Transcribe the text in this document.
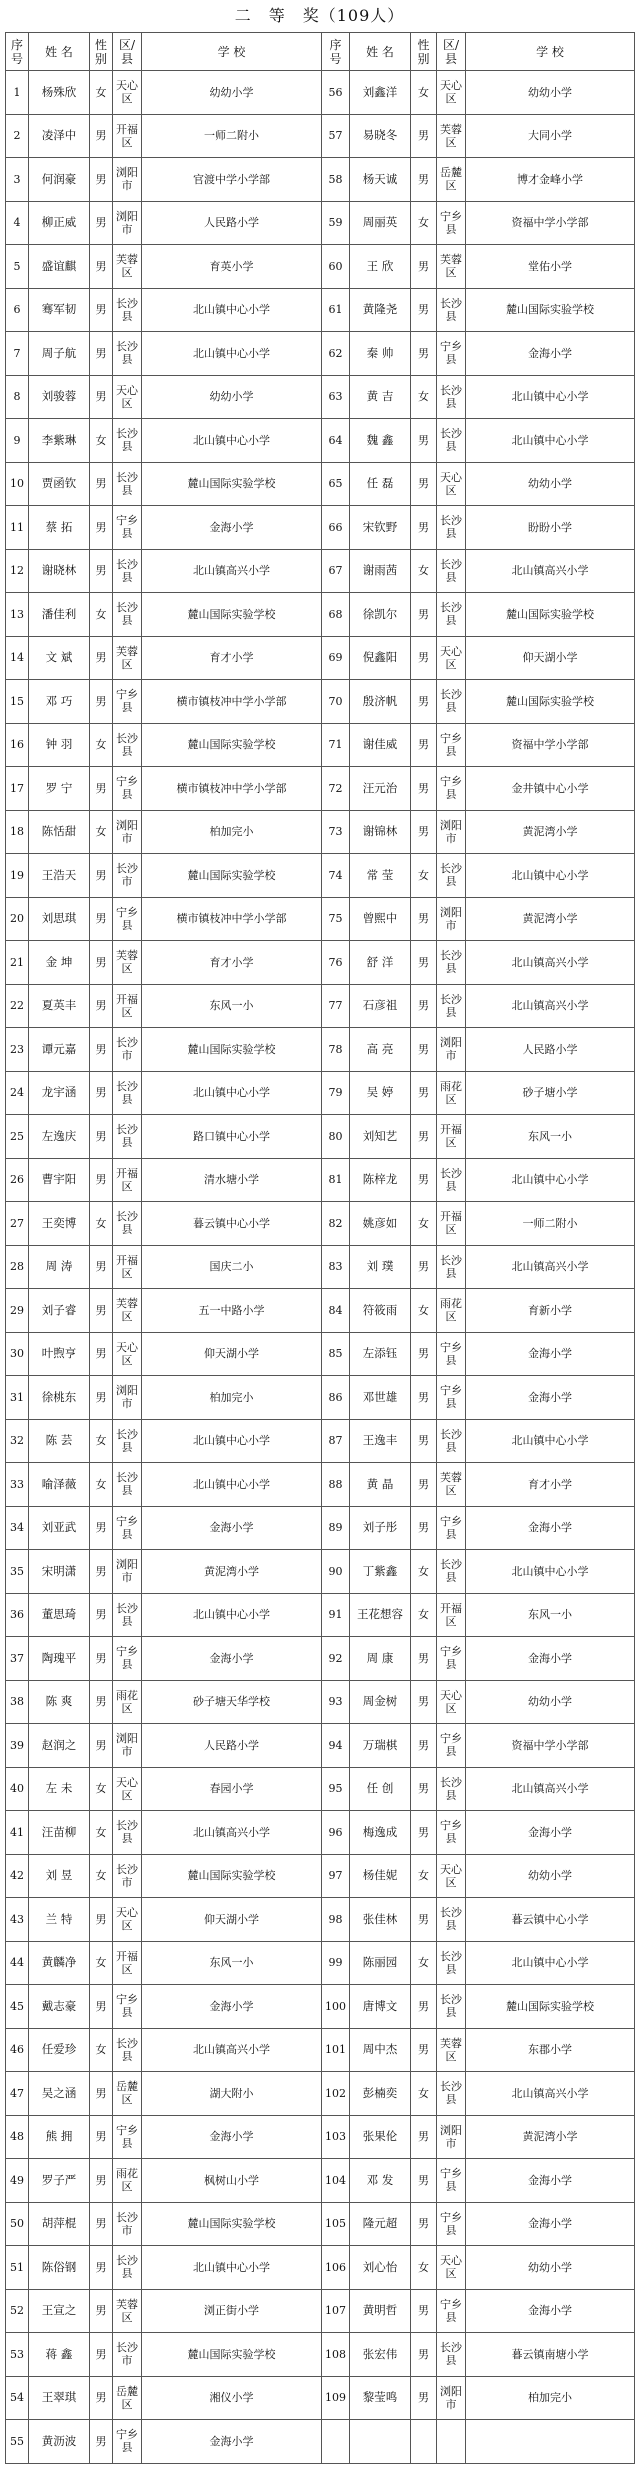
二　等　奖（109人）
序号	姓 名	性别	区/县	学 校	序号	姓 名	性别	区/县	学 校
1	杨殊欣	女	天心区	幼幼小学	56	刘鑫洋	女	天心区	幼幼小学
2	凌泽中	男	开福区	一师二附小	57	易晓冬	男	芙蓉区	大同小学
3	何润豪	男	浏阳市	官渡中学小学部	58	杨天诚	男	岳麓区	博才金峰小学
4	柳正威	男	浏阳市	人民路小学	59	周丽英	女	宁乡县	资福中学小学部
5	盛谊麒	男	芙蓉区	育英小学	60	王 欣	男	芙蓉区	堂佑小学
6	骞军韧	男	长沙县	北山镇中心小学	61	黄隆尧	男	长沙县	麓山国际实验学校
7	周子航	男	长沙县	北山镇中心小学	62	秦 帅	男	宁乡县	金海小学
8	刘骏蓉	男	天心区	幼幼小学	63	黄 吉	女	长沙县	北山镇中心小学
9	李紫琳	女	长沙县	北山镇中心小学	64	魏 鑫	男	长沙县	北山镇中心小学
10	贾函钦	男	长沙县	麓山国际实验学校	65	任 磊	男	天心区	幼幼小学
11	蔡 拓	男	宁乡县	金海小学	66	宋钦野	男	长沙县	盼盼小学
12	谢晓林	男	长沙县	北山镇高兴小学	67	谢雨茜	女	长沙县	北山镇高兴小学
13	潘佳利	女	长沙县	麓山国际实验学校	68	徐凯尔	男	长沙县	麓山国际实验学校
14	文 斌	男	芙蓉区	育才小学	69	倪鑫阳	男	天心区	仰天湖小学
15	邓 巧	男	宁乡县	横市镇枝冲中学小学部	70	殷济帆	男	长沙县	麓山国际实验学校
16	钟 羽	女	长沙县	麓山国际实验学校	71	谢佳威	男	宁乡县	资福中学小学部
17	罗 宁	男	宁乡县	横市镇枝冲中学小学部	72	汪元治	男	宁乡县	金井镇中心小学
18	陈恬甜	女	浏阳市	柏加完小	73	谢锦林	男	浏阳市	黄泥湾小学
19	王浩天	男	长沙市	麓山国际实验学校	74	常 莹	女	长沙县	北山镇中心小学
20	刘思琪	男	宁乡县	横市镇枝冲中学小学部	75	曾熙中	男	浏阳市	黄泥湾小学
21	金 坤	男	芙蓉区	育才小学	76	舒 洋	男	长沙县	北山镇高兴小学
22	夏英丰	男	开福区	东风一小	77	石彦祖	男	长沙县	北山镇高兴小学
23	谭元嘉	男	长沙市	麓山国际实验学校	78	高 亮	男	浏阳市	人民路小学
24	龙宇涵	男	长沙县	北山镇中心小学	79	吴 婷	男	雨花区	砂子塘小学
25	左逸庆	男	长沙县	路口镇中心小学	80	刘知艺	男	开福区	东风一小
26	曹宇阳	男	开福区	清水塘小学	81	陈梓龙	男	长沙县	北山镇中心小学
27	王奕博	女	长沙县	暮云镇中心小学	82	姚彦如	女	开福区	一师二附小
28	周 涛	男	开福区	国庆二小	83	刘 璞	男	长沙县	北山镇高兴小学
29	刘子睿	男	芙蓉区	五一中路小学	84	符筱雨	女	雨花区	育新小学
30	叶煦亨	男	天心区	仰天湖小学	85	左添钰	男	宁乡县	金海小学
31	徐桃东	男	浏阳市	柏加完小	86	邓世雄	男	宁乡县	金海小学
32	陈 芸	女	长沙县	北山镇中心小学	87	王逸丰	男	长沙县	北山镇中心小学
33	喻泽薇	女	长沙县	北山镇中心小学	88	黄 晶	男	芙蓉区	育才小学
34	刘亚武	男	宁乡县	金海小学	89	刘子彤	男	宁乡县	金海小学
35	宋明潇	男	浏阳市	黄泥湾小学	90	丁紫鑫	女	长沙县	北山镇中心小学
36	董思琦	男	长沙县	北山镇中心小学	91	王花想容	女	开福区	东风一小
37	陶瑰平	男	宁乡县	金海小学	92	周 康	男	宁乡县	金海小学
38	陈 爽	男	雨花区	砂子塘天华学校	93	周金树	男	天心区	幼幼小学
39	赵润之	男	浏阳市	人民路小学	94	万瑞棋	男	宁乡县	资福中学小学部
40	左 未	女	天心区	春园小学	95	任 创	男	长沙县	北山镇高兴小学
41	汪苗柳	女	长沙县	北山镇高兴小学	96	梅逸成	男	宁乡县	金海小学
42	刘 昱	女	长沙市	麓山国际实验学校	97	杨佳妮	女	天心区	幼幼小学
43	兰 特	男	天心区	仰天湖小学	98	张佳林	男	长沙县	暮云镇中心小学
44	黄麟净	女	开福区	东风一小	99	陈丽园	女	长沙县	北山镇中心小学
45	戴志豪	男	宁乡县	金海小学	100	唐博文	男	长沙县	麓山国际实验学校
46	任爱珍	女	长沙县	北山镇高兴小学	101	周中杰	男	芙蓉区	东郡小学
47	吴之涵	男	岳麓区	湖大附小	102	彭楠奕	女	长沙县	北山镇高兴小学
48	熊 拥	男	宁乡县	金海小学	103	张果伦	男	浏阳市	黄泥湾小学
49	罗子严	男	雨花区	枫树山小学	104	邓 发	男	宁乡县	金海小学
50	胡萍棍	男	长沙市	麓山国际实验学校	105	隆元超	男	宁乡县	金海小学
51	陈俗钢	男	长沙县	北山镇中心小学	106	刘心怡	女	天心区	幼幼小学
52	王宣之	男	芙蓉区	浏正街小学	107	黄明哲	男	宁乡县	金海小学
53	蒋 鑫	男	长沙市	麓山国际实验学校	108	张宏伟	男	长沙县	暮云镇南塘小学
54	王翠琪	男	岳麓区	湘仪小学	109	黎莹鸣	男	浏阳市	柏加完小
55	黄沥波	男	宁乡县	金海小学					
